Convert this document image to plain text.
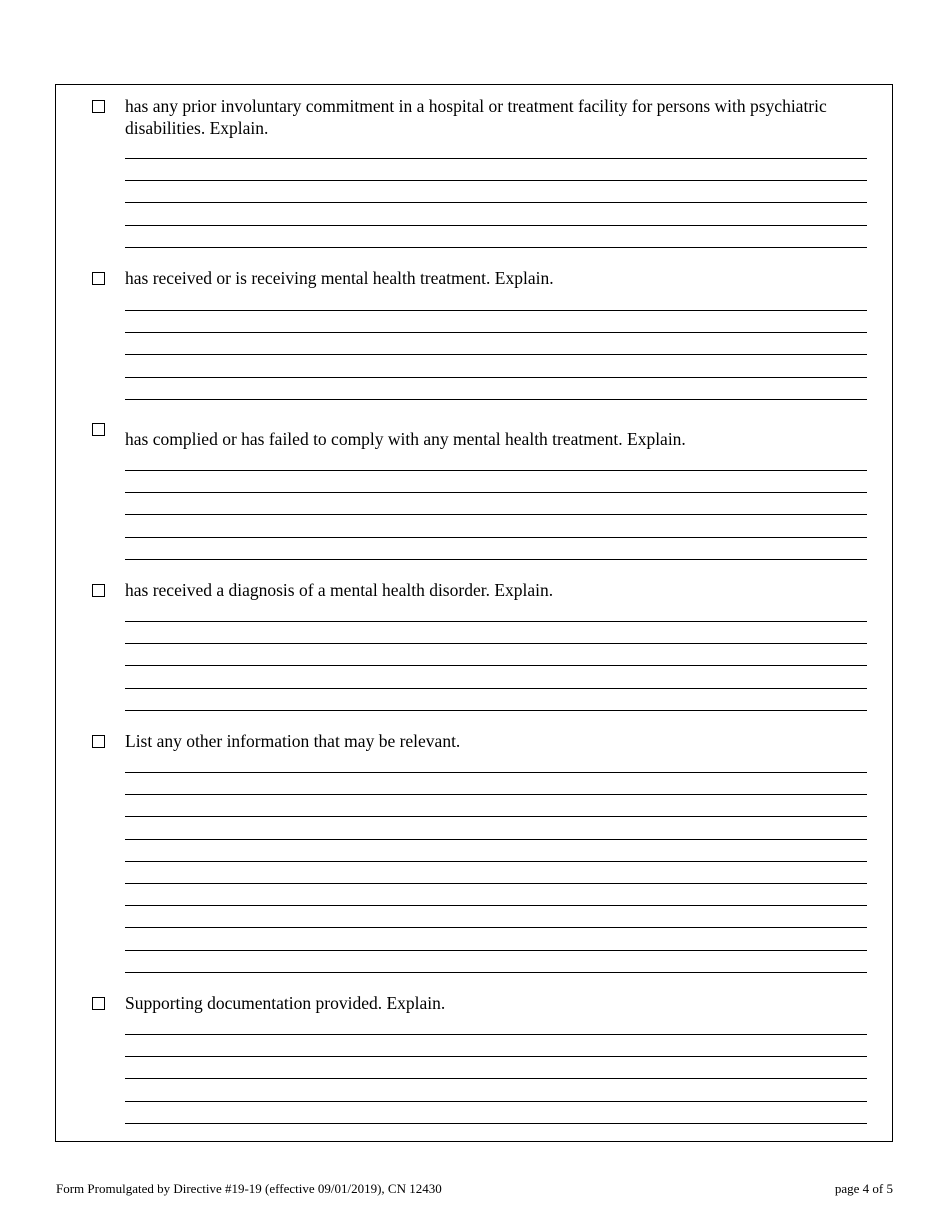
has any prior involuntary commitment in a hospital or treatment facility for persons with psychiatric disabilities. Explain.
has received or is receiving mental health treatment. Explain.
has complied or has failed to comply with any mental health treatment. Explain.
has received a diagnosis of a mental health disorder. Explain.
List any other information that may be relevant.
Supporting documentation provided. Explain.
Form Promulgated by Directive #19-19 (effective 09/01/2019), CN 12430	page 4 of 5
